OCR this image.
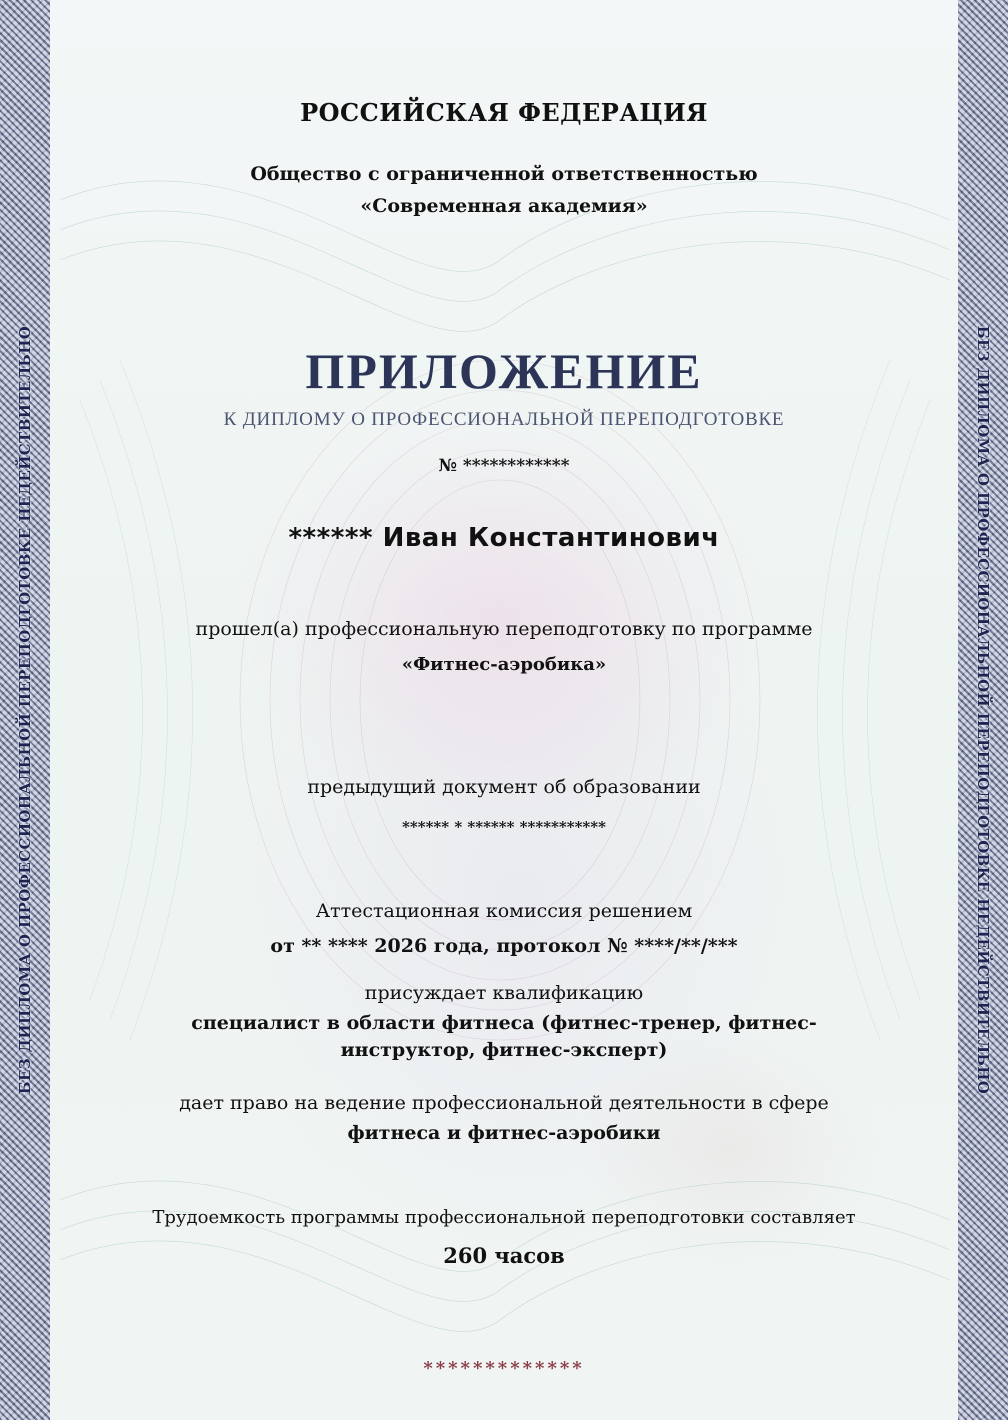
БЕЗ ДИПЛОМА О ПРОФЕССИОНАЛЬНОЙ ПЕРЕПОДГОТОВКЕ НЕДЕЙСТВИТЕЛЬНО	БЕЗ ДИПЛОМА О ПРОФЕССИОНАЛЬНОЙ ПЕРЕПОДГОТОВКЕ НЕДЕЙСТВИТЕЛЬНО
РОССИЙСКАЯ ФЕДЕРАЦИЯ
Общество с ограниченной ответственностью
«Современная академия»
ПРИЛОЖЕНИЕ
К ДИПЛОМУ О ПРОФЕССИОНАЛЬНОЙ ПЕРЕПОДГОТОВКЕ
№ ************
****** Иван Константинович
прошел(а) профессиональную переподготовку по программе
«Фитнес-аэробика»
предыдущий документ об образовании
****** * ****** ***********
Аттестационная комиссия решением
от ** **** 2026 года, протокол № ****/**/***
присуждает квалификацию
специалист в области фитнеса (фитнес-тренер, фитнес-
инструктор, фитнес-эксперт)
дает право на ведение профессиональной деятельности в сфере
фитнеса и фитнес-аэробики
Трудоемкость программы профессиональной переподготовки составляет
260 часов
*************
